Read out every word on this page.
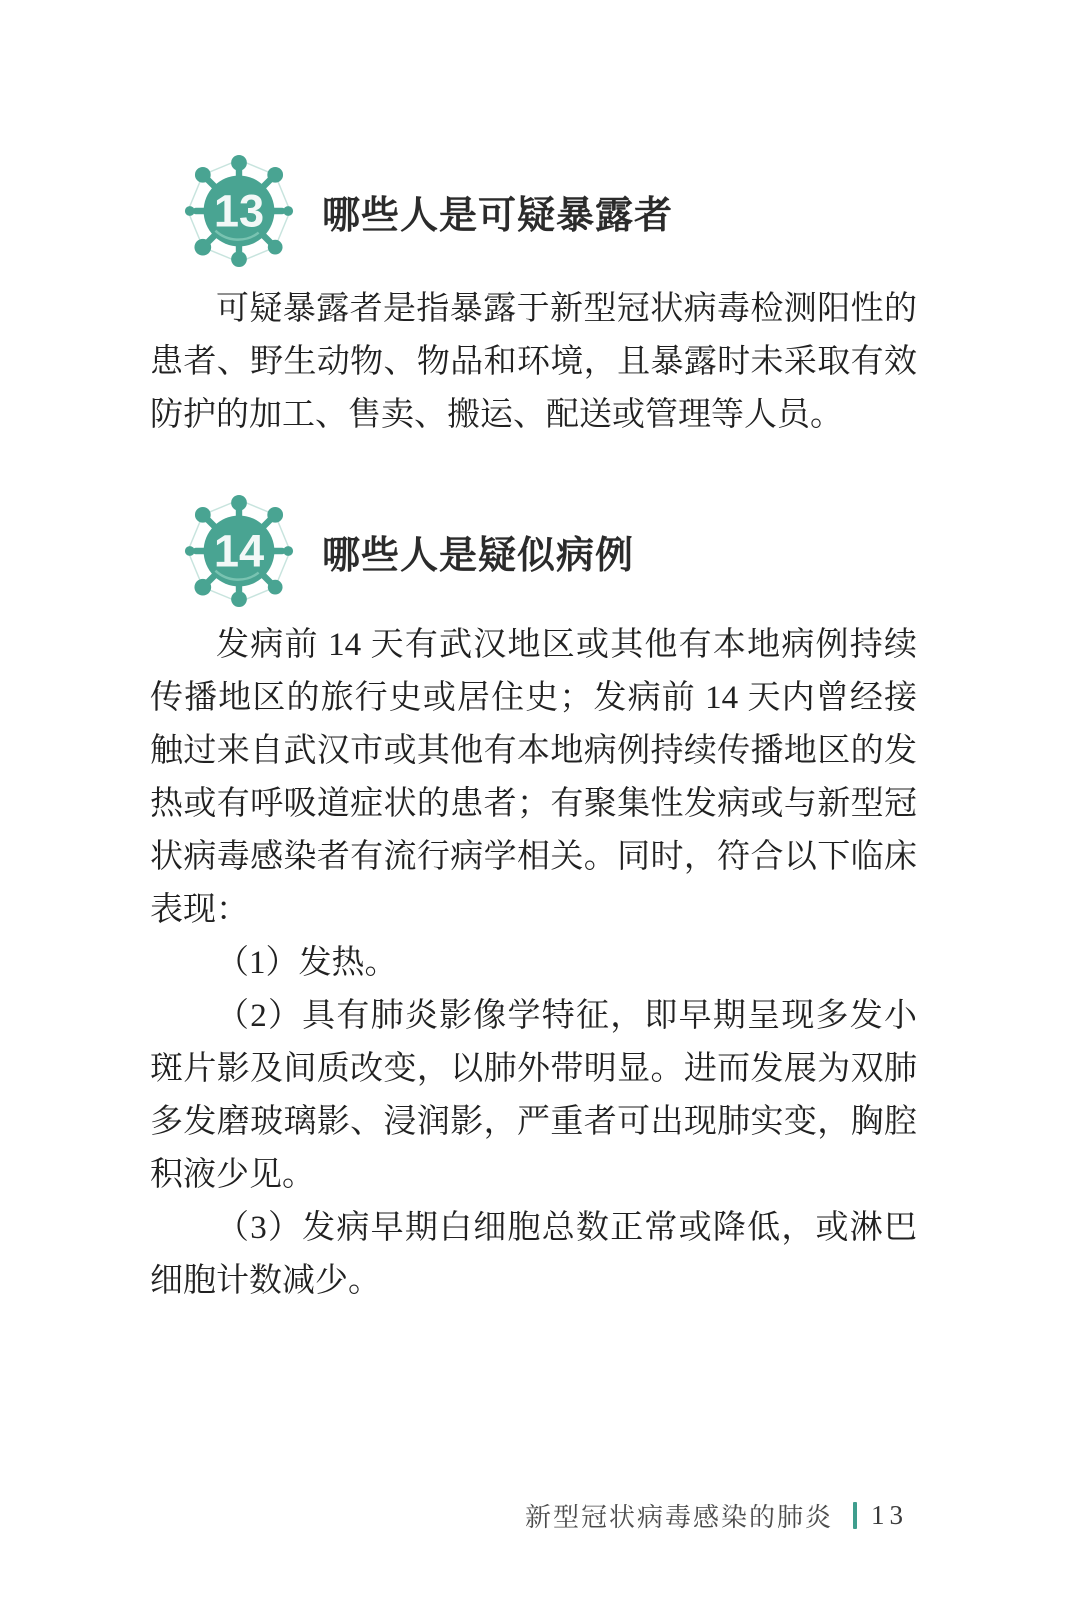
13 哪些人是可疑暴露者

可疑暴露者是指暴露于新型冠状病毒检测阳性的患者、野生动物、物品和环境，且暴露时未采取有效防护的加工、售卖、搬运、配送或管理等人员。

14 哪些人是疑似病例

发病前 14 天有武汉地区或其他有本地病例持续传播地区的旅行史或居住史；发病前 14 天内曾经接触过来自武汉市或其他有本地病例持续传播地区的发热或有呼吸道症状的患者；有聚集性发病或与新型冠状病毒感染者有流行病学相关。同时，符合以下临床表现：

（1）发热。

（2）具有肺炎影像学特征，即早期呈现多发小斑片影及间质改变，以肺外带明显。进而发展为双肺多发磨玻璃影、浸润影，严重者可出现肺实变，胸腔积液少见。

（3）发病早期白细胞总数正常或降低，或淋巴细胞计数减少。

新型冠状病毒感染的肺炎 13
